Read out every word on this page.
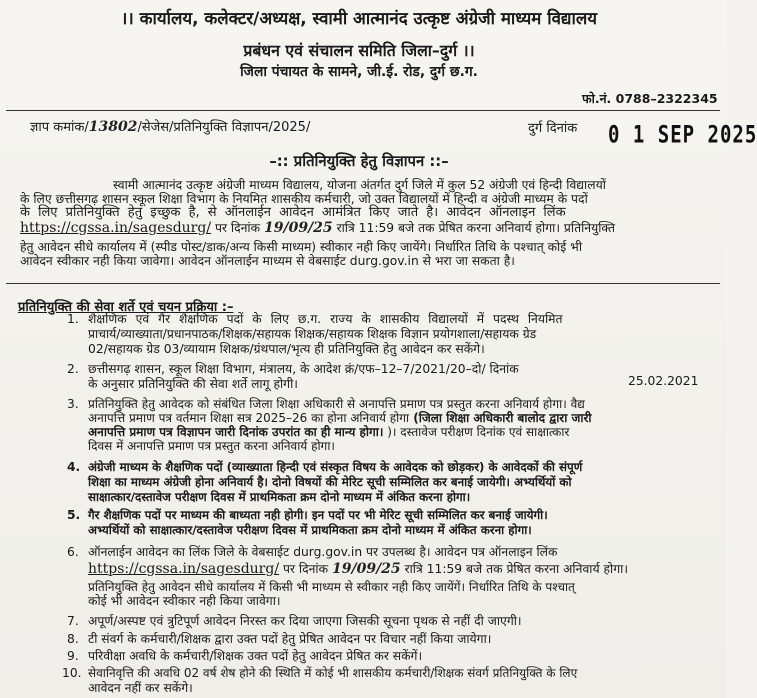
।। कार्यालय, कलेक्टर/अध्यक्ष, स्वामी आत्मानंद उत्कृष्ट अंग्रेजी माध्यम विद्यालय
प्रबंधन एवं संचालन समिति जिला–दुर्ग ।।
जिला पंचायत के सामने, जी.ई. रोड, दुर्ग छ.ग.
फो.नं. 0788–2322345
ज्ञाप कमांक/13802/सेजेस/प्रतिनियुक्ति विज्ञापन/2025/	दुर्ग दिनांक 0 1 SEP 2025
–:: प्रतिनियुक्ति हेतु विज्ञापन ::–
स्वामी आत्मानंद उत्कृष्ट अंग्रेजी माध्यम विद्यालय, योजना अंतर्गत दुर्ग जिले में कुल 52 अंग्रेजी एवं हिन्दी विद्यालयों
के लिए छत्तीसगढ़ शासन स्कूल शिक्षा विभाग के नियमित शासकीय कर्मचारी, जो उक्त विद्यालयों में हिन्दी व अंग्रेजी माध्यम के पदों
के लिए प्रतिनियुक्ति हेतु इच्छुक है, से ऑनलाईन आवेदन आमंत्रित किए जाते है। आवेदन ऑनलाइन लिंक
https://cgssa.in/sagesdurg/ पर दिनांक 19/09/25 रात्रि 11:59 बजे तक प्रेषित करना अनिवार्य होगा। प्रतिनियुक्ति
हेतु आवेदन सीधे कार्यालय में (स्पीड पोस्ट/डाक/अन्य किसी माध्यम) स्वीकार नही किए जायेंगे। निर्धारित तिथि के पश्चात् कोई भी
आवेदन स्वीकार नही किया जावेगा। आवेदन ऑनलाईन माध्यम से वेबसाईट durg.gov.in से भरा जा सकता है।
प्रतिनियुक्ति की सेवा शर्ते एवं चयन प्रक्रिया :–
1. शैक्षणिक एवं गैर शैक्षणिक पदों के लिए छ.ग. राज्य के शासकीय विद्यालयों में पदस्थ नियमित
प्राचार्य/व्याख्याता/प्रधानपाठक/शिक्षक/सहायक शिक्षक/सहायक शिक्षक विज्ञान प्रयोगशाला/सहायक ग्रेड
02/सहायक ग्रेड 03/व्यायाम शिक्षक/ग्रंथपाल/भृत्य ही प्रतिनियुक्ति हेतु आवेदन कर सकेंगे।
2. छत्तीसगढ़ शासन, स्कूल शिक्षा विभाग, मंत्रालय, के आदेश क्रं/एफ–12–7/2021/20–दो/ दिनांक
25.02.2021
के अनुसार प्रतिनियुक्ति की सेवा शर्ते लागू होगी।
3. प्रतिनियुक्ति हेतु आवेदक को संबंधित जिला शिक्षा अधिकारी से अनापत्ति प्रमाण पत्र प्रस्तुत करना अनिवार्य होगा। वैद्य
अनापत्ति प्रमाण पत्र वर्तमान शिक्षा सत्र 2025–26 का होना अनिवार्य होगा (जिला शिक्षा अधिकारी बालोद द्वारा जारी
अनापत्ति प्रमाण पत्र विज्ञापन जारी दिनांक उपरांत का ही मान्य होगा। )। दस्तावेज परीक्षण दिनांक एवं साक्षात्कार
दिवस में अनापत्ति प्रमाण पत्र प्रस्तुत करना अनिवार्य होगा।
4. अंग्रेजी माध्यम के शैक्षणिक पदों (व्याख्याता हिन्दी एवं संस्कृत विषय के आवेदक को छोड़कर) के आवेदकों की संपूर्ण
शिक्षा का माध्यम अंग्रेजी होना अनिवार्य है। दोनो विषयों की मेरिट सूची सम्मिलित कर बनाई जायेगी। अभ्यर्थियों को
साक्षात्कार/दस्तावेज परीक्षण दिवस में प्राथमिकता क्रम दोनो माध्यम में अंकित करना होगा।
5. गैर शैक्षणिक पदों पर माध्यम की बाध्यता नही होगी। इन पदों पर भी मेरिट सूची सम्मिलित कर बनाई जायेगी।
अभ्यर्थियों को साक्षात्कार/दस्तावेज परीक्षण दिवस में प्राथमिकता क्रम दोनो माध्यम में अंकित करना होगा।
6. ऑनलाईन आवेदन का लिंक जिले के वेबसाईट durg.gov.in पर उपलब्ध है। आवेदन पत्र ऑनलाइन लिंक
https://cgssa.in/sagesdurg/ पर दिनांक 19/09/25 रात्रि 11:59 बजे तक प्रेषित करना अनिवार्य होगा।
प्रतिनियुक्ति हेतु आवेदन सीधे कार्यालय में किसी भी माध्यम से स्वीकार नही किए जायेंगें। निर्धारित तिथि के पश्चात्
कोई भी आवेदन स्वीकार नही किया जावेगा।
7. अपूर्ण/अस्पष्ट एवं त्रुटिपूर्ण आवेदन निरस्त कर दिया जाएगा जिसकी सूचना पृथक से नहीं दी जाएगी।
8. टी संवर्ग के कर्मचारी/शिक्षक द्वारा उक्त पदों हेतु प्रेषित आवेदन पर विचार नहीं किया जायेगा।
9. परिवीक्षा अवधि के कर्मचारी/शिक्षक उक्त पदों हेतु आवेदन प्रेषित कर सकेंगें।
10. सेवानिवृत्ति की अवधि 02 वर्ष शेष होने की स्थिति में कोई भी शासकीय कर्मचारी/शिक्षक संवर्ग प्रतिनियुक्ति के लिए
आवेदन नहीं कर सकेंगे।
